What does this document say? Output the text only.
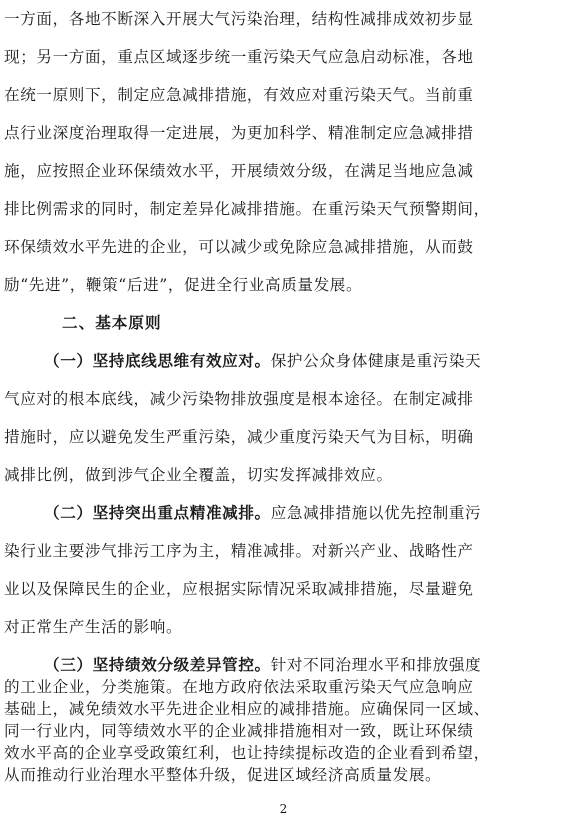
一方面，各地不断深入开展大气污染治理，结构性减排成效初步显
现；另一方面，重点区域逐步统一重污染天气应急启动标准，各地
在统一原则下，制定应急减排措施，有效应对重污染天气。当前重
点行业深度治理取得一定进展，为更加科学、精准制定应急减排措
施，应按照企业环保绩效水平，开展绩效分级，在满足当地应急减
排比例需求的同时，制定差异化减排措施。在重污染天气预警期间，
环保绩效水平先进的企业，可以减少或免除应急减排措施，从而鼓
励“先进”，鞭策“后进”，促进全行业高质量发展。
二、基本原则
（一）坚持底线思维有效应对。保护公众身体健康是重污染天
气应对的根本底线，减少污染物排放强度是根本途径。在制定减排
措施时，应以避免发生严重污染，减少重度污染天气为目标，明确
减排比例，做到涉气企业全覆盖，切实发挥减排效应。
（二）坚持突出重点精准减排。应急减排措施以优先控制重污
染行业主要涉气排污工序为主，精准减排。对新兴产业、战略性产
业以及保障民生的企业，应根据实际情况采取减排措施，尽量避免
对正常生产生活的影响。
（三）坚持绩效分级差异管控。针对不同治理水平和排放强度
的工业企业，分类施策。在地方政府依法采取重污染天气应急响应
基础上，减免绩效水平先进企业相应的减排措施。应确保同一区域、
2
同一行业内，同等绩效水平的企业减排措施相对一致，既让环保绩
效水平高的企业享受政策红利，也让持续提标改造的企业看到希望，
从而推动行业治理水平整体升级，促进区域经济高质量发展。
